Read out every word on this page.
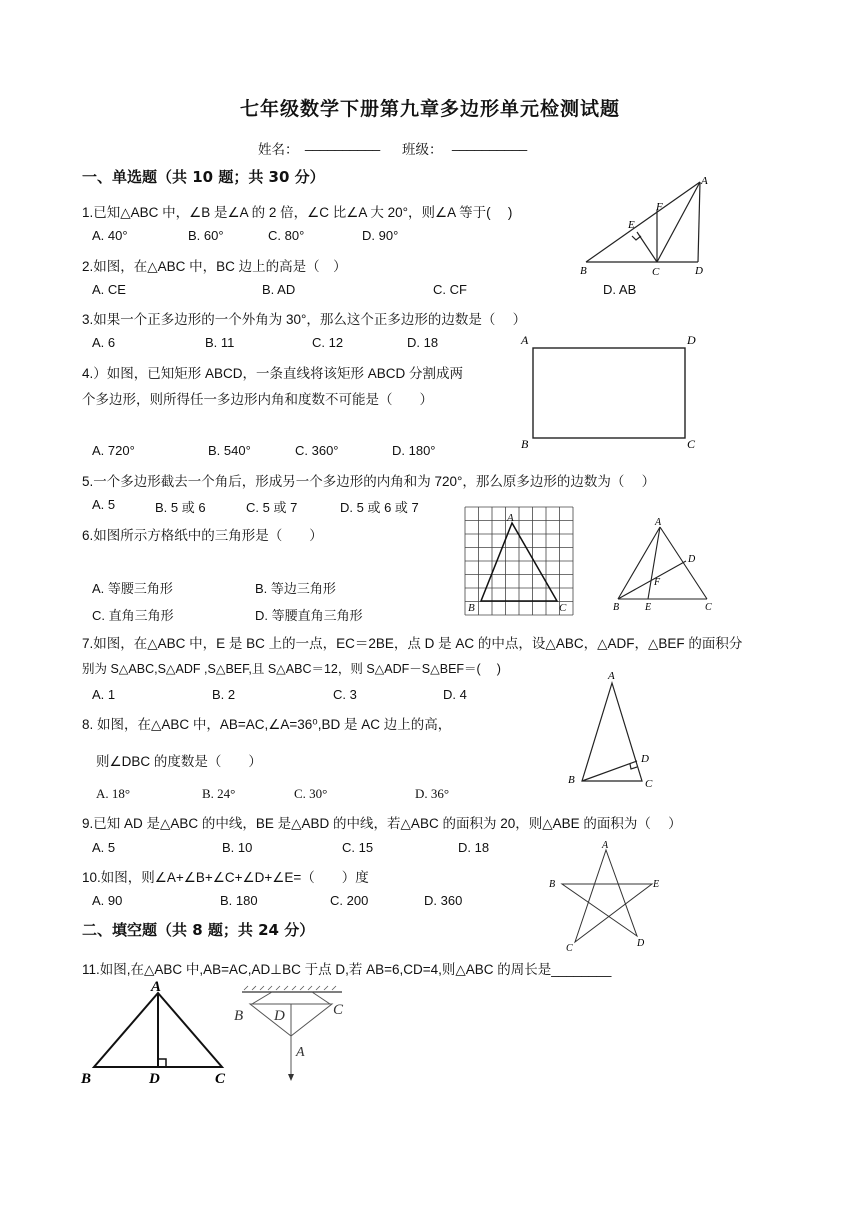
七年级数学下册第九章多边形单元检测试题
姓名： __________ 班级： __________
一、单选题（共 10 题；共 30 分）
1.已知△ABC 中，∠B 是∠A 的 2 倍，∠C 比∠A 大 20°，则∠A 等于(　 )
A. 40°	B. 60°	C. 80°	D. 90°
2.如图，在△ABC 中，BC 边上的高是（　）
A. CE	B. AD	C. CF	D. AB
3.如果一个正多边形的一个外角为 30°，那么这个正多边形的边数是（　 ）
A. 6	B. 11	C. 12	D. 18
4.）如图，已知矩形 ABCD，一条直线将该矩形 ABCD 分割成两
个多边形，则所得任一多边形内角和度数不可能是（　　）
A. 720°	B. 540°	C. 360°	D. 180°
5.一个多边形截去一个角后，形成另一个多边形的内角和为 720°，那么原多边形的边数为（　 ）
A. 5	B. 5 或 6	C. 5 或 7	D. 5 或 6 或 7
6.如图所示方格纸中的三角形是（　　）
A. 等腰三角形	B. 等边三角形
C. 直角三角形	D. 等腰直角三角形
7.如图，在△ABC 中，E 是 BC 上的一点，EC＝2BE，点 D 是 AC 的中点，设△ABC，△ADF，△BEF 的面积分
别为 S△ABC,S△ADF ,S△BEF,且 S△ABC＝12，则 S△ADF－S△BEF＝(　 )
A. 1	B. 2	C. 3	D. 4
8. 如图，在△ABC 中，AB=AC,∠A=36⁰,BD 是 AC 边上的高，
则∠DBC 的度数是（　　）
A. 18°	B. 24°	C. 30°	D. 36°
9.已知 AD 是△ABC 的中线，BE 是△ABD 的中线，若△ABC 的面积为 20，则△ABE 的面积为（　 ）
A. 5	B. 10	C. 15	D. 18
10.如图，则∠A+∠B+∠C+∠D+∠E=（　　）度
A. 90	B. 180	C. 200	D. 360
二、填空题（共 8 题；共 24 分）
11.如图,在△ABC 中,AB=AC,AD⊥BC 于点 D,若 AB=6,CD=4,则△ABC 的周长是________
A
F
E
B	C	D
A	D
B	C
A
B	C
A
D
F
B	E	C
A
D
B	C
A
B	E
C	D
A
B	D	C
B D	C
A
